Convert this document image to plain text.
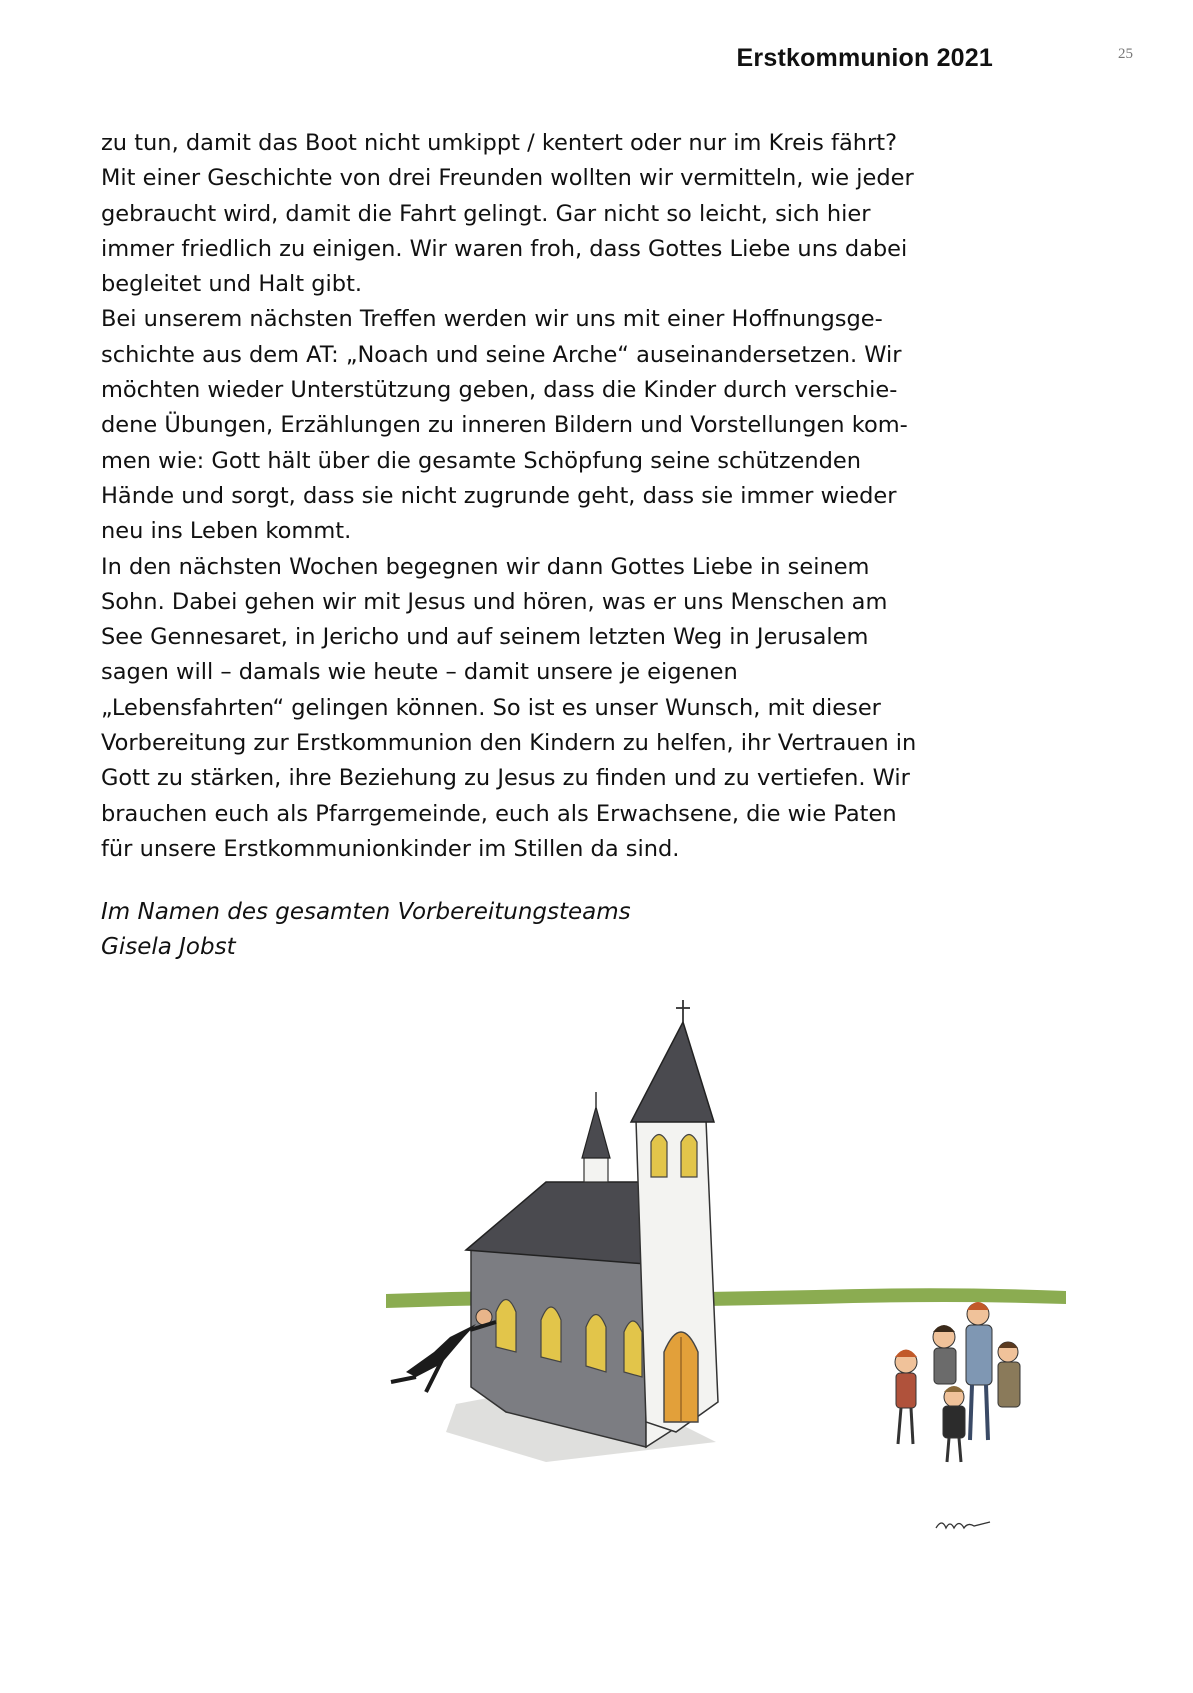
Erstkommunion 2021	25

zu tun, damit das Boot nicht umkippt / kentert oder nur im Kreis fährt?

Mit einer Geschichte von drei Freunden wollten wir vermitteln, wie jeder

gebraucht wird, damit die Fahrt gelingt. Gar nicht so leicht, sich hier

immer friedlich zu einigen. Wir waren froh, dass Gottes Liebe uns dabei

begleitet und Halt gibt.

Bei unserem nächsten Treffen werden wir uns mit einer Hoffnungsge-

schichte aus dem AT: „Noach und seine Arche“ auseinandersetzen. Wir

möchten wieder Unterstützung geben, dass die Kinder durch verschie-

dene Übungen, Erzählungen zu inneren Bildern und Vorstellungen kom-

men wie: Gott hält über die gesamte Schöpfung seine schützenden

Hände und sorgt, dass sie nicht zugrunde geht, dass sie immer wieder

neu ins Leben kommt.

In den nächsten Wochen begegnen wir dann Gottes Liebe in seinem

Sohn. Dabei gehen wir mit Jesus und hören, was er uns Menschen am

See Gennesaret, in Jericho und auf seinem letzten Weg in Jerusalem

sagen will – damals wie heute – damit unsere je eigenen

„Lebensfahrten“ gelingen können. So ist es unser Wunsch, mit dieser

Vorbereitung zur Erstkommunion den Kindern zu helfen, ihr Vertrauen in

Gott zu stärken, ihre Beziehung zu Jesus zu finden und zu vertiefen. Wir

brauchen euch als Pfarrgemeinde, euch als Erwachsene, die wie Paten

für unsere Erstkommunionkinder im Stillen da sind.

Im Namen des gesamten Vorbereitungsteams
Gisela Jobst
